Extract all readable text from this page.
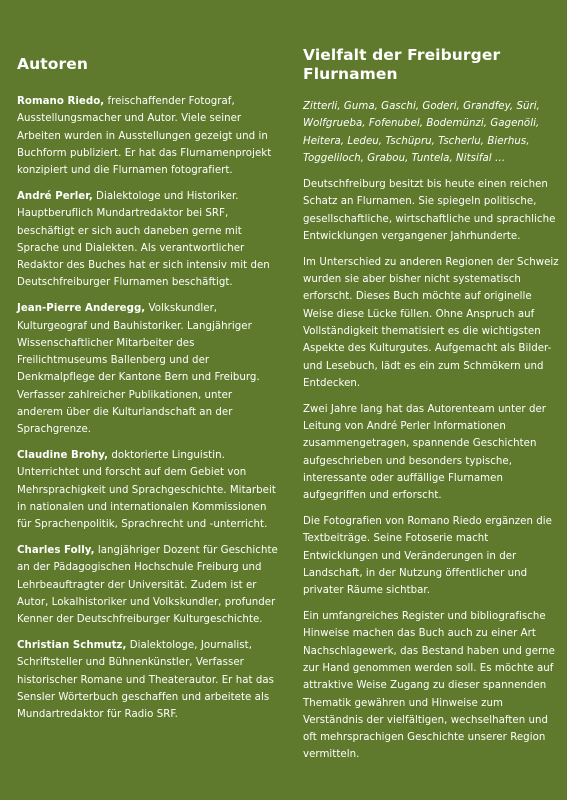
Autoren

Romano Riedo, freischaffender Fotograf, Ausstellungsmacher und Autor. Viele seiner Arbeiten wurden in Ausstellungen gezeigt und in Buchform publiziert. Er hat das Flurnamenprojekt konzipiert und die Flurnamen fotografiert.

André Perler, Dialektologe und Historiker. Hauptberuflich Mundartredaktor bei SRF, beschäftigt er sich auch daneben gerne mit Sprache und Dialekten. Als verantwortlicher Redaktor des Buches hat er sich intensiv mit den Deutschfreiburger Flurnamen beschäftigt.

Jean-Pierre Anderegg, Volkskundler, Kulturgeograf und Bauhistoriker. Langjähriger Wissenschaftlicher Mitarbeiter des Freilichtmuseums Ballenberg und der Denkmalpflege der Kantone Bern und Freiburg. Verfasser zahlreicher Publikationen, unter anderem über die Kulturlandschaft an der Sprachgrenze.

Claudine Brohy, doktorierte Linguistin. Unterrichtet und forscht auf dem Gebiet von Mehrsprachigkeit und Sprachgeschichte. Mitarbeit in nationalen und internationalen Kommissionen für Sprachenpolitik, Sprachrecht und -unterricht.

Charles Folly, langjähriger Dozent für Geschichte an der Pädagogischen Hochschule Freiburg und Lehrbeauftragter der Universität. Zudem ist er Autor, Lokalhistoriker und Volkskundler, profunder Kenner der Deutschfreiburger Kulturgeschichte.

Christian Schmutz, Dialektologe, Journalist, Schriftsteller und Bühnenkünstler, Verfasser historischer Romane und Theaterautor. Er hat das Sensler Wörterbuch geschaffen und arbeitete als Mundartredaktor für Radio SRF.

Vielfalt der Freiburger Flurnamen

Zitterli, Guma, Gaschi, Goderi, Grandfey, Süri, Wolfgrueba, Fofenubel, Bodemünzi, Gagenöli, Heitera, Ledeu, Tschüpru, Tscherlu, Bierhus, Toggeliloch, Grabou, Tuntela, Nitsifal …

Deutschfreiburg besitzt bis heute einen reichen Schatz an Flurnamen. Sie spiegeln politische, gesellschaftliche, wirtschaftliche und sprachliche Entwicklungen vergangener Jahrhunderte.

Im Unterschied zu anderen Regionen der Schweiz wurden sie aber bisher nicht systematisch erforscht. Dieses Buch möchte auf originelle Weise diese Lücke füllen. Ohne Anspruch auf Vollständigkeit thematisiert es die wichtigsten Aspekte des Kulturgutes. Aufgemacht als Bilder- und Lesebuch, lädt es ein zum Schmökern und Entdecken.

Zwei Jahre lang hat das Autorenteam unter der Leitung von André Perler Informationen zusammengetragen, spannende Geschichten aufgeschrieben und besonders typische, interessante oder auffällige Flurnamen aufgegriffen und erforscht.

Die Fotografien von Romano Riedo ergänzen die Textbeiträge. Seine Fotoserie macht Entwicklungen und Veränderungen in der Landschaft, in der Nutzung öffentlicher und privater Räume sichtbar.

Ein umfangreiches Register und bibliografische Hinweise machen das Buch auch zu einer Art Nachschlagewerk, das Bestand haben und gerne zur Hand genommen werden soll. Es möchte auf attraktive Weise Zugang zu dieser spannenden Thematik gewähren und Hinweise zum Verständnis der vielfältigen, wechselhaften und oft mehrsprachigen Geschichte unserer Region vermitteln.
